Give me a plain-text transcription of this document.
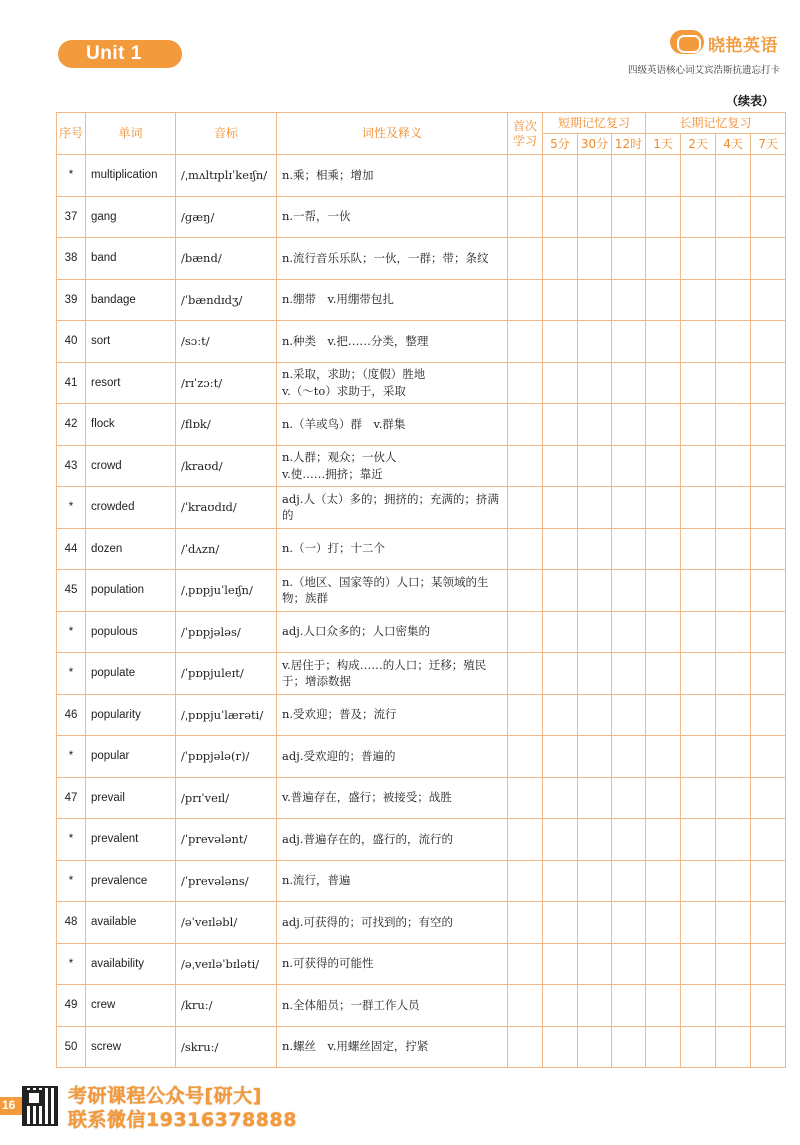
Unit 1	晓艳英语
四级英语核心词艾宾浩斯抗遗忘打卡
（续表）
序号	单词	音标	词性及释义	首次学习	短期记忆复习			长期记忆复习			
					5分	30分	12时	1天	2天	4天	7天
*	multiplication	/ˌmʌltɪplɪˈkeɪʃn/	n.乘；相乘；增加								
37	gang	/gæŋ/	n.一帮，一伙								
38	band	/bænd/	n.流行音乐乐队；一伙，一群；带；条纹								
39	bandage	/ˈbændɪdʒ/	n.绷带　v.用绷带包扎								
40	sort	/sɔːt/	n.种类　v.把……分类，整理								
41	resort	/rɪˈzɔːt/	n.采取，求助；（度假）胜地
v.（～to）求助于，采取								
42	flock	/flɒk/	n.（羊或鸟）群　v.群集								
43	crowd	/kraʊd/	n.人群；观众；一伙人
v.使……拥挤；靠近								
*	crowded	/ˈkraʊdɪd/	adj.人（太）多的；拥挤的；充满的；挤满的								
44	dozen	/ˈdʌzn/	n.（一）打；十二个								
45	population	/ˌpɒpjuˈleɪʃn/	n.（地区、国家等的）人口；某领域的生物；族群								
*	populous	/ˈpɒpjələs/	adj.人口众多的；人口密集的								
*	populate	/ˈpɒpjuleɪt/	v.居住于；构成……的人口；迁移；殖民于；增添数据								
46	popularity	/ˌpɒpjuˈlærəti/	n.受欢迎；普及；流行								
*	popular	/ˈpɒpjələ(r)/	adj.受欢迎的；普遍的								
47	prevail	/prɪˈveɪl/	v.普遍存在，盛行；被接受；战胜								
*	prevalent	/ˈprevələnt/	adj.普遍存在的，盛行的，流行的								
*	prevalence	/ˈprevələns/	n.流行，普遍								
48	available	/əˈveɪləbl/	adj.可获得的；可找到的；有空的								
*	availability	/əˌveɪləˈbɪləti/	n.可获得的可能性								
49	crew	/kruː/	n.全体船员；一群工作人员								
50	screw	/skruː/	n.螺丝　v.用螺丝固定，拧紧								
16	考研课程公众号[研大]
联系微信19316378888
